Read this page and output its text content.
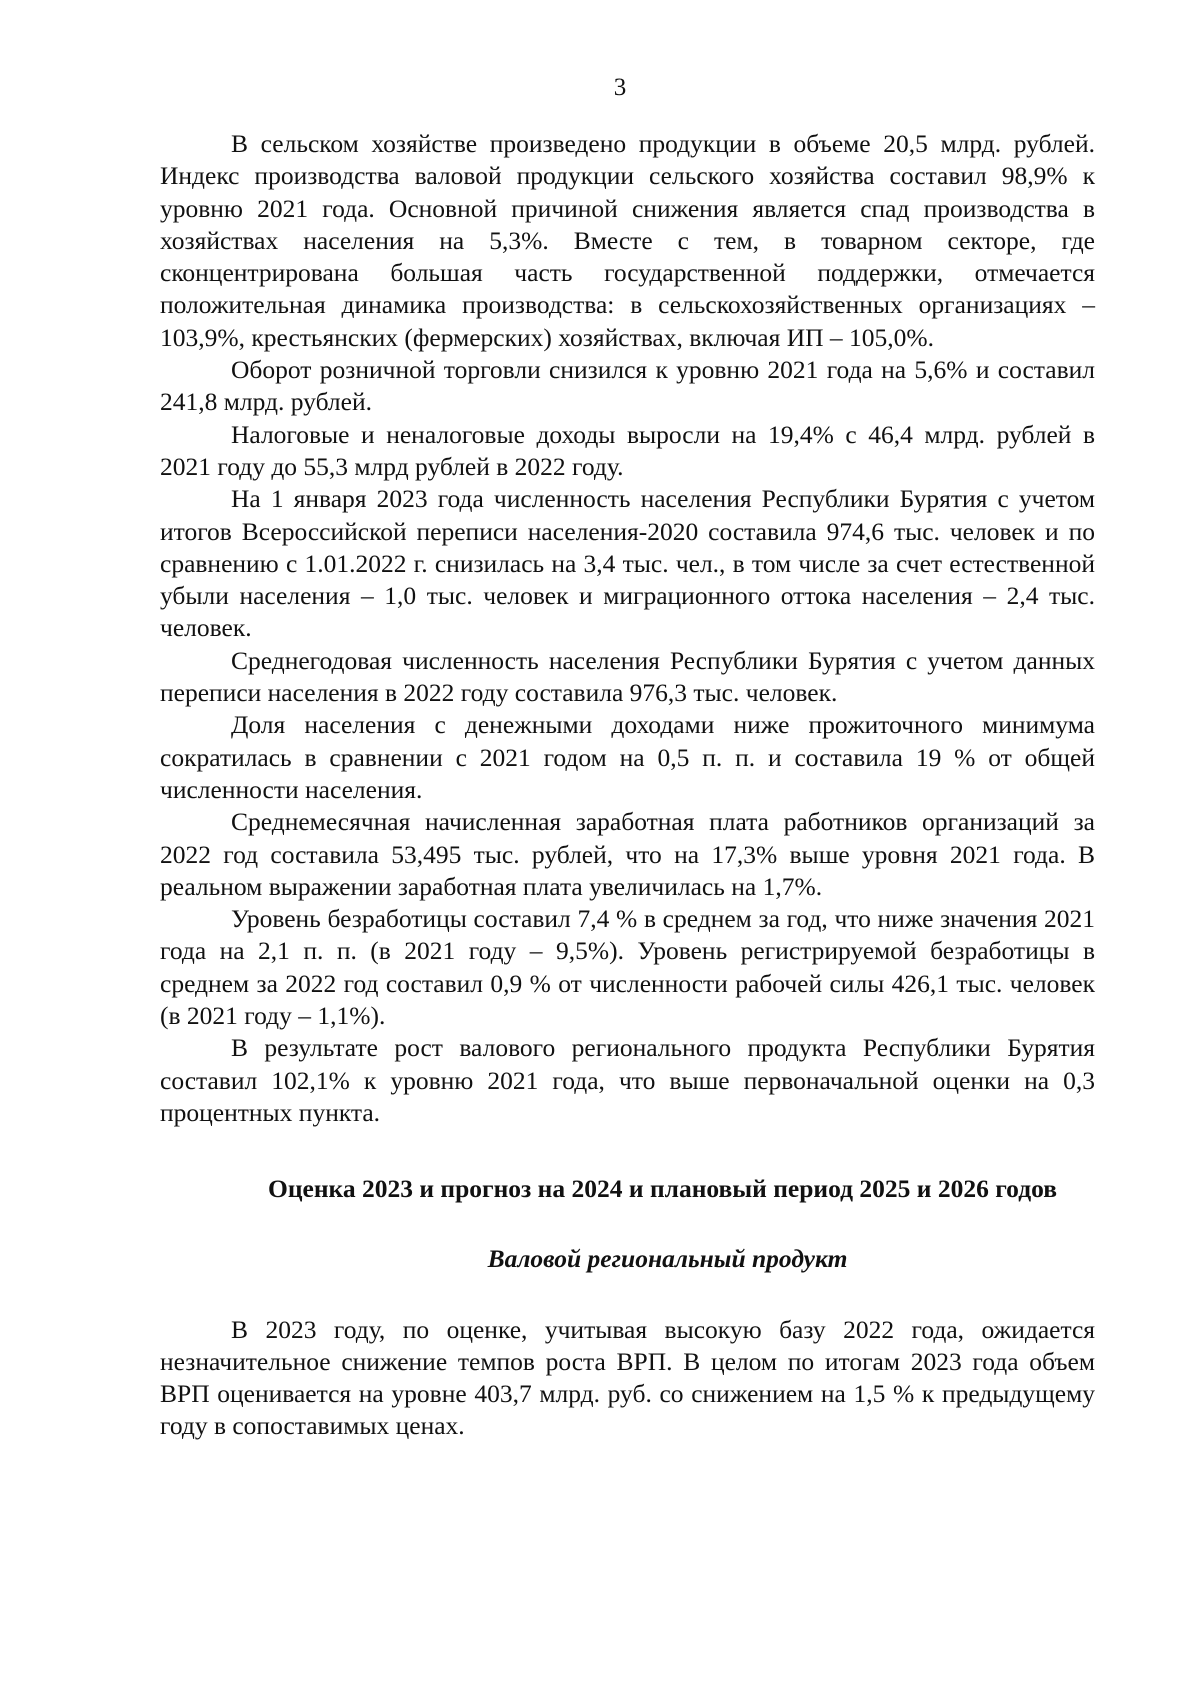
3

В сельском хозяйстве произведено продукции в объеме 20,5 млрд. рублей. Индекс производства валовой продукции сельского хозяйства составил 98,9% к уровню 2021 года. Основной причиной снижения является спад производства в хозяйствах населения на 5,3%. Вместе с тем, в товарном секторе, где сконцентрирована большая часть государственной поддержки, отмечается положительная динамика производства: в сельскохозяйственных организациях – 103,9%, крестьянских (фермерских) хозяйствах, включая ИП – 105,0%.

Оборот розничной торговли снизился к уровню 2021 года на 5,6% и составил 241,8 млрд. рублей.

Налоговые и неналоговые доходы выросли на 19,4% с 46,4 млрд. рублей в 2021 году до 55,3 млрд рублей в 2022 году.

На 1 января 2023 года численность населения Республики Бурятия с учетом итогов Всероссийской переписи населения-2020 составила 974,6 тыс. человек и по сравнению с 1.01.2022 г. снизилась на 3,4 тыс. чел., в том числе за счет естественной убыли населения – 1,0 тыс. человек и миграционного оттока населения – 2,4 тыс. человек.

Среднегодовая численность населения Республики Бурятия с учетом данных переписи населения в 2022 году составила 976,3 тыс. человек.

Доля населения с денежными доходами ниже прожиточного минимума сократилась в сравнении с 2021 годом на 0,5 п. п. и составила 19 % от общей численности населения.

Среднемесячная начисленная заработная плата работников организаций за 2022 год составила 53,495 тыс. рублей, что на 17,3% выше уровня 2021 года. В реальном выражении заработная плата увеличилась на 1,7%.

Уровень безработицы составил 7,4 % в среднем за год, что ниже значения 2021 года на 2,1 п. п. (в 2021 году – 9,5%). Уровень регистрируемой безработицы в среднем за 2022 год составил 0,9 % от численности рабочей силы 426,1 тыс. человек (в 2021 году – 1,1%).

В результате рост валового регионального продукта Республики Бурятия составил 102,1% к уровню 2021 года, что выше первоначальной оценки на 0,3 процентных пункта.

Оценка 2023 и прогноз на 2024 и плановый период 2025 и 2026 годов
Валовой региональный продукт

В 2023 году, по оценке, учитывая высокую базу 2022 года, ожидается незначительное снижение темпов роста ВРП. В целом по итогам 2023 года объем ВРП оценивается на уровне 403,7 млрд. руб. со снижением на 1,5 % к предыдущему году в сопоставимых ценах.
